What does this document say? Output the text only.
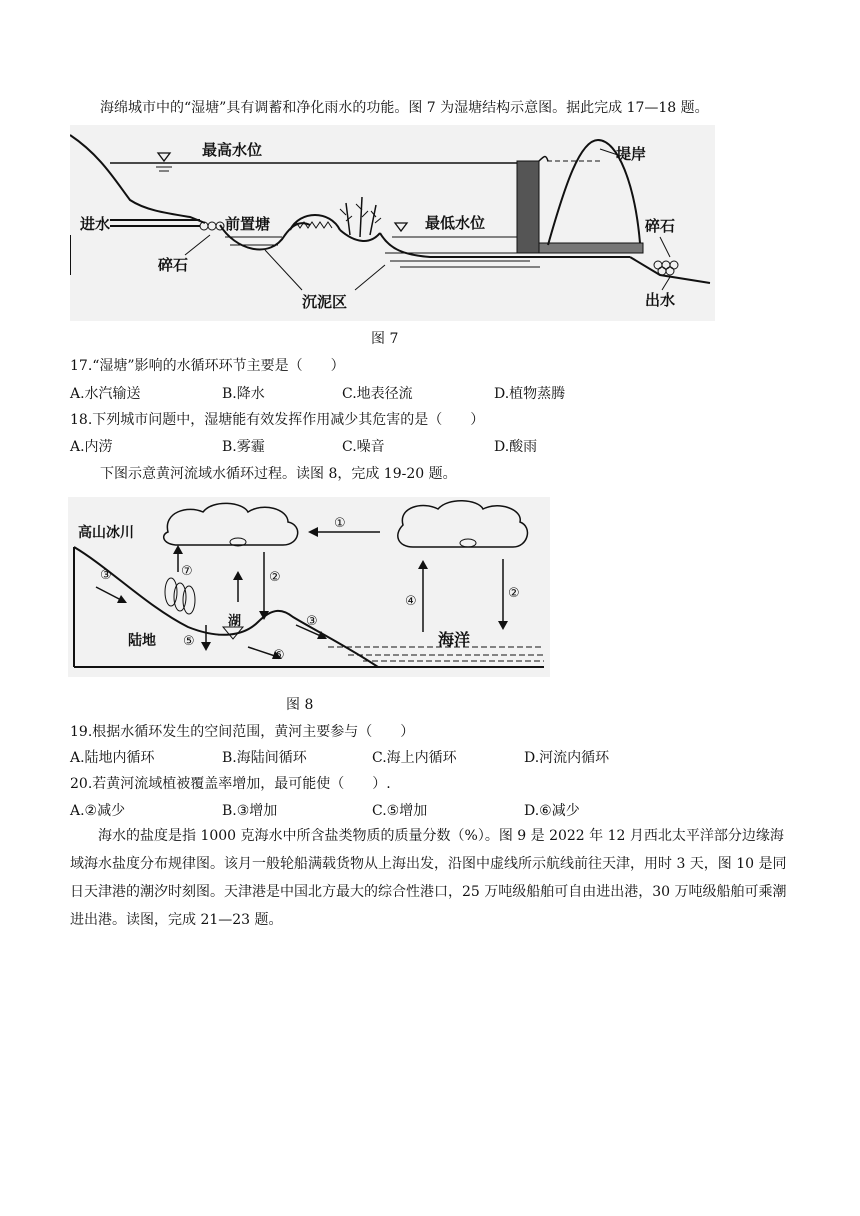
海绵城市中的“湿塘”具有调蓄和净化雨水的功能。图 7 为湿塘结构示意图。据此完成 17—18 题。
最高水位
进水
碎石
前置塘	最低水位
堤岸
碎石
出水
沉泥区
图 7
17.“湿塘”影响的水循环环节主要是（　　）
A.水汽输送	B.降水	C.地表径流	D.植物蒸腾
18.下列城市问题中，湿塘能有效发挥作用减少其危害的是（　　）
A.内涝	B.雾霾	C.噪音	D.酸雨
下图示意黄河流域水循环过程。读图 8，完成 19-20 题。
高山冰川
海洋
①
⑦	②
③
③
⑤
湖
⑥
陆地
④
②
图 8
19.根据水循环发生的空间范围，黄河主要参与（　　）
A.陆地内循环	B.海陆间循环	C.海上内循环	D.河流内循环
20.若黄河流域植被覆盖率增加，最可能使（　　）.
A.②减少	B.③增加	C.⑤增加	D.⑥减少
海水的盐度是指 1000 克海水中所含盐类物质的质量分数（%）。图 9 是 2022 年 12 月西北太平洋部分边缘海域海水盐度分布规律图。该月一般轮船满载货物从上海出发，沿图中虚线所示航线前往天津，用时 3 天，图 10 是同日天津港的潮汐时刻图。天津港是中国北方最大的综合性港口，25 万吨级船舶可自由进出港，30 万吨级船舶可乘潮进出港。读图，完成 21—23 题。
